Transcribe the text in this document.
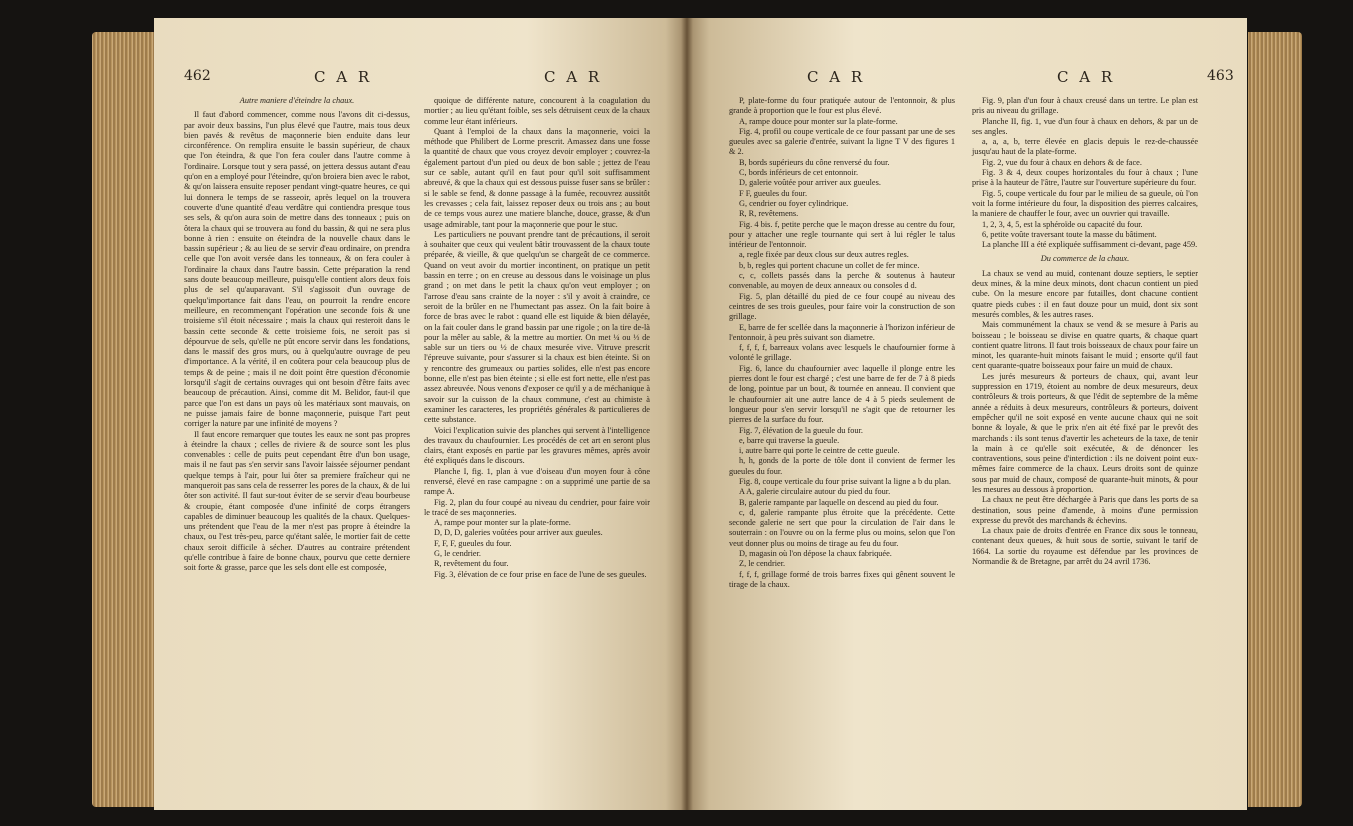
462	C A R	C A R

Autre maniere d'éteindre la chaux.

Il faut d'abord commencer, comme nous l'avons dit ci-dessus, par avoir deux bassins, l'un plus élevé que l'autre, mais tous deux bien pavés & revêtus de maçonnerie bien enduite dans leur circonférence. On remplira ensuite le bassin supérieur, de chaux que l'on éteindra, & que l'on fera couler dans l'autre comme à l'ordinaire. Lorsque tout y sera passé, on jettera dessus autant d'eau qu'on en a employé pour l'éteindre, qu'on broiera bien avec le rabot, & qu'on laissera ensuite reposer pendant vingt-quatre heures, ce qui lui donnera le temps de se rasseoir, après lequel on la trouvera couverte d'une quantité d'eau verdâtre qui contiendra presque tous ses sels, & qu'on aura soin de mettre dans des tonneaux ; puis on ôtera la chaux qui se trouvera au fond du bassin, & qui ne sera plus bonne à rien : ensuite on éteindra de la nouvelle chaux dans le bassin supérieur ; & au lieu de se servir d'eau ordinaire, on prendra celle que l'on avoit versée dans les tonneaux, & on fera couler à l'ordinaire la chaux dans l'autre bassin. Cette préparation la rend sans doute beaucoup meilleure, puisqu'elle contient alors deux fois plus de sel qu'auparavant. S'il s'agissoit d'un ouvrage de quelqu'importance fait dans l'eau, on pourroit la rendre encore meilleure, en recommençant l'opération une seconde fois & une troisieme s'il étoit nécessaire ; mais la chaux qui resteroit dans le bassin cette seconde & cette troisieme fois, ne seroit pas si dépourvue de sels, qu'elle ne pût encore servir dans les fondations, dans le massif des gros murs, ou à quelqu'autre ouvrage de peu d'importance. A la vérité, il en coûtera pour cela beaucoup plus de temps & de peine ; mais il ne doit point être question d'économie lorsqu'il s'agit de certains ouvrages qui ont besoin d'être faits avec beaucoup de précaution. Ainsi, comme dit M. Belidor, faut-il que parce que l'on est dans un pays où les matériaux sont mauvais, on ne puisse jamais faire de bonne maçonnerie, puisque l'art peut corriger la nature par une infinité de moyens ?

Il faut encore remarquer que toutes les eaux ne sont pas propres à éteindre la chaux ; celles de riviere & de source sont les plus convenables : celle de puits peut cependant être d'un bon usage, mais il ne faut pas s'en servir sans l'avoir laissée séjourner pendant quelque temps à l'air, pour lui ôter sa premiere fraîcheur qui ne manqueroit pas sans cela de resserrer les pores de la chaux, & de lui ôter son activité. Il faut sur-tout éviter de se servir d'eau bourbeuse & croupie, étant composée d'une infinité de corps étrangers capables de diminuer beaucoup les qualités de la chaux. Quelques-uns prétendent que l'eau de la mer n'est pas propre à éteindre la chaux, ou l'est très-peu, parce qu'étant salée, le mortier fait de cette chaux seroit difficile à sécher. D'autres au contraire prétendent qu'elle contribue à faire de bonne chaux, pourvu que cette derniere soit forte & grasse, parce que les sels dont elle est composée,

quoique de différente nature, concourent à la coagulation du mortier ; au lieu qu'étant foible, ses sels détruisent ceux de la chaux comme leur étant inférieurs.

Quant à l'emploi de la chaux dans la maçonnerie, voici la méthode que Philibert de Lorme prescrit. Amassez dans une fosse la quantité de chaux que vous croyez devoir employer ; couvrez-la également partout d'un pied ou deux de bon sable ; jettez de l'eau sur ce sable, autant qu'il en faut pour qu'il soit suffisamment abreuvé, & que la chaux qui est dessous puisse fuser sans se brûler : si le sable se fend, & donne passage à la fumée, recouvrez aussitôt les crevasses ; cela fait, laissez reposer deux ou trois ans ; au bout de ce temps vous aurez une matiere blanche, douce, grasse, & d'un usage admirable, tant pour la maçonnerie que pour le stuc.

Les particuliers ne pouvant prendre tant de précautions, il seroit à souhaiter que ceux qui veulent bâtir trouvassent de la chaux toute préparée, & vieille, & que quelqu'un se chargeât de ce commerce. Quand on veut avoir du mortier incontinent, on pratique un petit bassin en terre ; on en creuse au dessous dans le voisinage un plus grand ; on met dans le petit la chaux qu'on veut employer ; on l'arrose d'eau sans crainte de la noyer : s'il y avoit à craindre, ce seroit de la brûler en ne l'humectant pas assez. On la fait boire à force de bras avec le rabot : quand elle est liquide & bien délayée, on la fait couler dans le grand bassin par une rigole ; on la tire de-là pour la mêler au sable, & la mettre au mortier. On met ¼ ou ⅓ de sable sur un tiers ou ½ de chaux mesurée vive. Vitruve prescrit l'épreuve suivante, pour s'assurer si la chaux est bien éteinte. Si on y rencontre des grumeaux ou parties solides, elle n'est pas encore bonne, elle n'est pas bien éteinte ; si elle est fort nette, elle n'est pas assez abreuvée. Nous venons d'exposer ce qu'il y a de méchanique à savoir sur la cuisson de la chaux commune, c'est au chimiste à examiner les caracteres, les propriétés générales & particulieres de cette substance.

Voici l'explication suivie des planches qui servent à l'intelligence des travaux du chaufournier. Les procédés de cet art en seront plus clairs, étant exposés en partie par les gravures mêmes, après avoir été expliqués dans le discours.

Planche I, fig. 1, plan à vue d'oiseau d'un moyen four à cône renversé, élevé en rase campagne : on a supprimé une partie de sa rampe A.

Fig. 2, plan du four coupé au niveau du cendrier, pour faire voir le tracé de ses maçonneries.

A, rampe pour monter sur la plate-forme.

D, D, D, galeries voûtées pour arriver aux gueules.

F, F, F, gueules du four.

G, le cendrier.

R, revêtement du four.

Fig. 3, élévation de ce four prise en face de l'une de ses gueules.

C A R	C A R	463

P, plate-forme du four pratiquée autour de l'entonnoir, & plus grande à proportion que le four est plus élevé.

A, rampe douce pour monter sur la plate-forme.

Fig. 4, profil ou coupe verticale de ce four passant par une de ses gueules avec sa galerie d'entrée, suivant la ligne T V des figures 1 & 2.

B, bords supérieurs du cône renversé du four.

C, bords inférieurs de cet entonnoir.

D, galerie voûtée pour arriver aux gueules.

F F, gueules du four.

G, cendrier ou foyer cylindrique.

R, R, revêtemens.

Fig. 4 bis. f, petite perche que le maçon dresse au centre du four, pour y attacher une regle tournante qui sert à lui régler le talus intérieur de l'entonnoir.

a, regle fixée par deux clous sur deux autres regles.

b, b, regles qui portent chacune un collet de fer mince.

c, c, collets passés dans la perche & soutenus à hauteur convenable, au moyen de deux anneaux ou consoles d d.

Fig. 5, plan détaillé du pied de ce four coupé au niveau des ceintres de ses trois gueules, pour faire voir la construction de son grillage.

E, barre de fer scellée dans la maçonnerie à l'horizon inférieur de l'entonnoir, à peu près suivant son diametre.

f, f, f, f, barreaux volans avec lesquels le chaufournier forme à volonté le grillage.

Fig. 6, lance du chaufournier avec laquelle il plonge entre les pierres dont le four est chargé ; c'est une barre de fer de 7 à 8 pieds de long, pointue par un bout, & tournée en anneau. Il convient que le chaufournier ait une autre lance de 4 à 5 pieds seulement de longueur pour s'en servir lorsqu'il ne s'agit que de retourner les pierres de la surface du four.

Fig. 7, élévation de la gueule du four.

e, barre qui traverse la gueule.

i, autre barre qui porte le ceintre de cette gueule.

h, h, gonds de la porte de tôle dont il convient de fermer les gueules du four.

Fig. 8, coupe verticale du four prise suivant la ligne a b du plan.

A A, galerie circulaire autour du pied du four.

B, galerie rampante par laquelle on descend au pied du four.

c, d, galerie rampante plus étroite que la précédente. Cette seconde galerie ne sert que pour la circulation de l'air dans le souterrain : on l'ouvre ou on la ferme plus ou moins, selon que l'on veut donner plus ou moins de tirage au feu du four.

D, magasin où l'on dépose la chaux fabriquée.

Z, le cendrier.

f, f, f, grillage formé de trois barres fixes qui gênent souvent le tirage de la chaux.

Fig. 9, plan d'un four à chaux creusé dans un tertre. Le plan est pris au niveau du grillage.

Planche II, fig. 1, vue d'un four à chaux en dehors, & par un de ses angles.

a, a, a, b, terre élevée en glacis depuis le rez-de-chaussée jusqu'au haut de la plate-forme.

Fig. 2, vue du four à chaux en dehors & de face.

Fig. 3 & 4, deux coupes horizontales du four à chaux ; l'une prise à la hauteur de l'âtre, l'autre sur l'ouverture supérieure du four.

Fig. 5, coupe verticale du four par le milieu de sa gueule, où l'on voit la forme intérieure du four, la disposition des pierres calcaires, la maniere de chauffer le four, avec un ouvrier qui travaille.

1, 2, 3, 4, 5, est la sphéroïde ou capacité du four.

6, petite voûte traversant toute la masse du bâtiment.

La planche III a été expliquée suffisamment ci-devant, page 459.

Du commerce de la chaux.

La chaux se vend au muid, contenant douze septiers, le septier deux mines, & la mine deux minots, dont chacun contient un pied cube. On la mesure encore par futailles, dont chacune contient quatre pieds cubes : il en faut douze pour un muid, dont six sont mesurés combles, & les autres rases.

Mais communément la chaux se vend & se mesure à Paris au boisseau ; le boisseau se divise en quatre quarts, & chaque quart contient quatre litrons. Il faut trois boisseaux de chaux pour faire un minot, les quarante-huit minots faisant le muid ; ensorte qu'il faut cent quarante-quatre boisseaux pour faire un muid de chaux.

Les jurés mesureurs & porteurs de chaux, qui, avant leur suppression en 1719, étoient au nombre de deux mesureurs, deux contrôleurs & trois porteurs, & que l'édit de septembre de la même année a réduits à deux mesureurs, contrôleurs & porteurs, doivent empêcher qu'il ne soit exposé en vente aucune chaux qui ne soit bonne & loyale, & que le prix n'en ait été fixé par le prevôt des marchands : ils sont tenus d'avertir les acheteurs de la taxe, de tenir la main à ce qu'elle soit exécutée, & de dénoncer les contraventions, sous peine d'interdiction : ils ne doivent point eux-mêmes faire commerce de la chaux. Leurs droits sont de quinze sous par muid de chaux, composé de quarante-huit minots, & pour les mesures au dessous à proportion.

La chaux ne peut être déchargée à Paris que dans les ports de sa destination, sous peine d'amende, à moins d'une permission expresse du prevôt des marchands & échevins.

La chaux paie de droits d'entrée en France dix sous le tonneau, contenant deux queues, & huit sous de sortie, suivant le tarif de 1664. La sortie du royaume est défendue par les provinces de Normandie & de Bretagne, par arrêt du 24 avril 1736.
